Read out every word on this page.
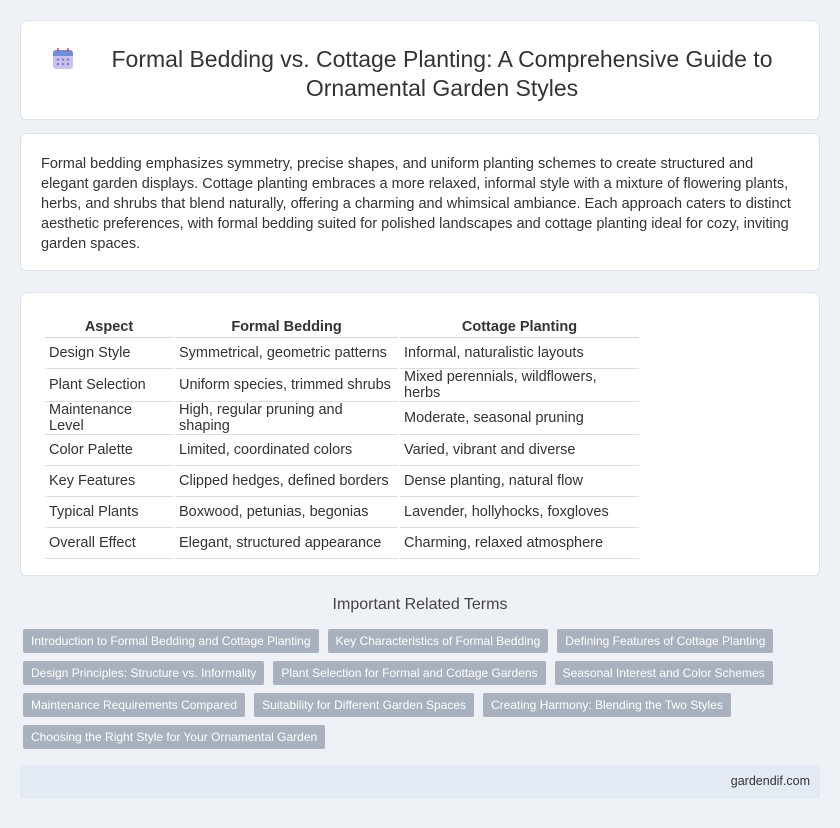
Formal Bedding vs. Cottage Planting: A Comprehensive Guide to Ornamental Garden Styles

Formal bedding emphasizes symmetry, precise shapes, and uniform planting schemes to create structured and elegant garden displays. Cottage planting embraces a more relaxed, informal style with a mixture of flowering plants, herbs, and shrubs that blend naturally, offering a charming and whimsical ambiance. Each approach caters to distinct aesthetic preferences, with formal bedding suited for polished landscapes and cottage planting ideal for cozy, inviting garden spaces.

Aspect	Formal Bedding	Cottage Planting
Design Style	Symmetrical, geometric patterns	Informal, naturalistic layouts
Plant Selection	Uniform species, trimmed shrubs	Mixed perennials, wildflowers, herbs
Maintenance Level	High, regular pruning and shaping	Moderate, seasonal pruning
Color Palette	Limited, coordinated colors	Varied, vibrant and diverse
Key Features	Clipped hedges, defined borders	Dense planting, natural flow
Typical Plants	Boxwood, petunias, begonias	Lavender, hollyhocks, foxgloves
Overall Effect	Elegant, structured appearance	Charming, relaxed atmosphere
Important Related Terms
Introduction to Formal Bedding and Cottage Planting	Key Characteristics of Formal Bedding	Defining Features of Cottage Planting
Design Principles: Structure vs. Informality	Plant Selection for Formal and Cottage Gardens	Seasonal Interest and Color Schemes
Maintenance Requirements Compared	Suitability for Different Garden Spaces	Creating Harmony: Blending the Two Styles
Choosing the Right Style for Your Ornamental Garden
gardendif.com
